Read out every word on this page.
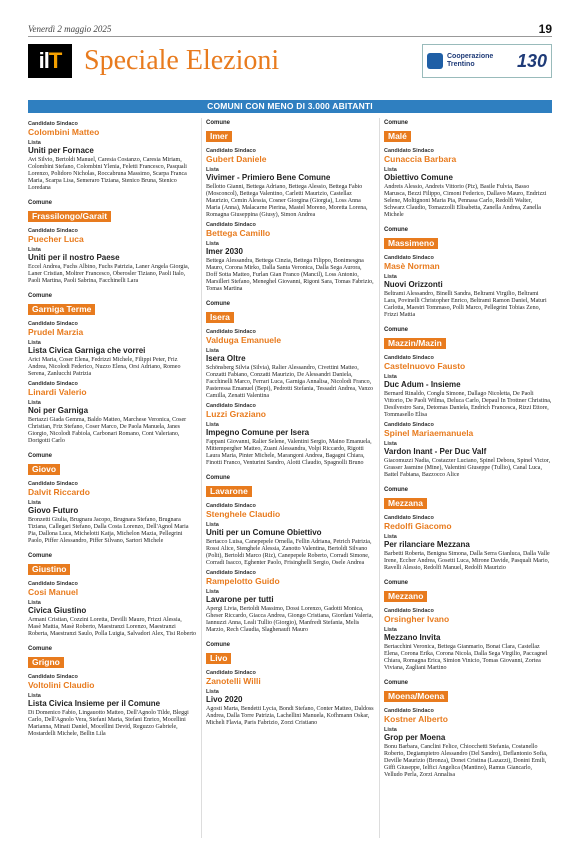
Venerdì 2 maggio 2025	19
ilT Speciale Elezioni	Cooperazione
Trentino	130
COMUNI CON MENO DI 3.000 ABITANTI
Candidato Sindaco
Colombini Matteo
Lista
Uniti per Fornace
Avi Silvio, Bertoldi Manuel, Caresia Costanzo, Caresia Miriam, Colombini Stefano, Colombini Ylenia, Feletti Francesco, Pasquali Lorenzo, Polidoro Nicholas, Roccabruna Massimo, Scarpa Franca Maria, Scarpa Lisa, Semeraro Tiziana, Stenico Bruna, Stenico Loredana
Comune
Frassilongo/Garait
Candidato Sindaco
Puecher Luca
Lista
Uniti per il nostro Paese
Eccel Andrea, Fuchs Albino, Fuchs Patrizia, Laner Angela Giorgia, Laner Cristian, Moltrer Francesco, Oberosler Tiziano, Paoli Italo, Paoli Martina, Paoli Sabrina, Facchinelli Lara
Comune
Garniga Terme
Candidato Sindaco
Prudel Marzia
Lista
Lista Civica Garniga che vorrei
Arici Maria, Coser Elena, Fedrizzi Michele, Filippi Peter, Friz Andrea, Nicolodi Federico, Nuzzo Elena, Orsi Adriano, Romeo Serena, Zanlucchi Patrizia
Candidato Sindaco
Linardi Valerio
Lista
Noi per Garniga
Bertazzi Giada Gemma, Baldo Matteo, Marchese Veronica, Coser Christian, Friz Stefano, Coser Marco, De Paola Manuela, Janes Giorgio, Nicolodi Fabiola, Carbonari Romano, Cont Valeriano, Dorigotti Carlo
Comune
Giovo
Candidato Sindaco
Dalvit Riccardo
Lista
Giovo Futuro
Bronzetti Giulia, Brugnara Jacopo, Brugnara Stefano, Brugnara Tiziana, Callegari Stefano, Dalla Costa Lorenzo, Dell'Agnol Maria Pia, Dallona Luca, Michelotti Katja, Michelon Mazia, Pellegrini Paolo, Piffer Alessandro, Piffer Silvano, Sartori Michele
Comune
Giustino
Candidato Sindaco
Cosi Manuel
Lista
Civica Giustino
Armani Cristian, Cozzini Loretta, Devilli Mauro, Frizzi Alessia, Masè Mattia, Masè Roberto, Maestranzi Lorenzo, Maestranzi Roberta, Maestranzi Saulo, Polla Luigia, Salvadori Alex, Tisi Roberto
Comune
Grigno
Candidato Sindaco
Voltolini Claudio
Lista
Lista Civica Insieme per il Comune
Di Domenico Fabio, Lingauotto Matteo, Dell'Agnolo Tilde, Bleggi Carlo, Dell'Agnolo Vera, Stefani Maria, Stefani Enrico, Mocellini Marianna, Minati Daniel, Mocellini Devid, Reguzzo Gabriele, Mostardelli Michele, Bellin Lila
Comune
Imer
Candidato Sindaco
Gubert Daniele
Lista
Vivimer - Primiero Bene Comune
Bellotto Gianni, Bettega Adriano, Bettega Alessio, Bettega Fabio (Mosconcol), Bettega Valentino, Carletti Maurizio, Castellaz Maurizio, Cemin Alessia, Cosner Giorgina (Giorgia), Loss Anna Maria (Anna), Malacarne Pierina, Mastel Moreno, Moretta Lorena, Romagna Giuseppina (Giusy), Simon Andrea
Candidato Sindaco
Bettega Camillo
Lista
Imer 2030
Bettega Alessandra, Bettega Cinzia, Bettega Filippo, Bonimesgna Mauro, Corona Mirko, Dalla Santa Veronica, Dalla Sega Aurora, Doff Sotta Matteo, Furlan Gian Franco (Mancil), Loss Antonio, Marsilleri Stefano, Meneghel Giovanni, Rigoni Sara, Tomas Fabrizio, Tomas Martina
Comune
Isera
Candidato Sindaco
Valduga Emanuele
Lista
Isera Oltre
Schönsberg Silvia (Silvia), Ralier Alessandro, Civettini Matteo, Conzatti Fabiano, Conzatti Maurizio, De Alessandri Daniela, Facchinelli Marco, Ferrari Luca, Garniga Annalisa, Nicolodi Franco, Pasteressa Emanuel (Bepi), Pedrotti Stefania, Tessadri Andrea, Vanzo Camilla, Zenatti Valentina
Candidato Sindaco
Luzzi Graziano
Lista
Impegno Comune per Isera
Fappani Giovanni, Ralier Selene, Valentini Sergio, Maino Emanuela, Mittempergher Matteo, Zuani Alessandra, Volpi Riccardo, Rigotti Laura Maria, Pinter Michele, Marangoni Andrea, Bagagni Chiara, Finotti Franco, Venturini Sandro, Alotti Claudio, Spagnolli Bruno
Comune
Lavarone
Candidato Sindaco
Stenghele Claudio
Lista
Uniti per un Comune Obiettivo
Bertacco Luisa, Canepepele Ornella, Fellin Adriana, Petrich Patrizia, Rossi Alice, Stenghele Alessia, Zanotto Valentina, Bertoldi Silvano (Polit), Bertoldi Marco (Riz), Canepepele Roberto, Corradi Simone, Corradi Isacco, Eghenter Paolo, Frisinghelli Sergio, Osele Andrea
Candidato Sindaco
Rampelotto Guido
Lista
Lavarone per tutti
Apergi Livia, Bertoldi Massimo, Dossi Lorenzo, Gadotti Monica, Gheser Riccardo, Giacca Andrea, Giongo Cristiana, Giordani Valeria, Iannuzzi Anna, Leali Tullio (Giorgio), Manfredi Stefania, Melis Marzio, Rech Claudia, Slaghenaufi Mauro
Comune
Livo
Candidato Sindaco
Zanotelli Willi
Lista
Livo 2020
Agosti Marta, Bendetti Lycia, Bondi Stefano, Conter Matteo, Daldoss Andrea, Dalla Torre Patrizia, Lachellini Manuela, Kofhmann Oskar, Micheli Flavia, Paris Fabrizio, Zorzi Cristiano
Comune
Malé
Candidato Sindaco
Cunaccia Barbara
Lista
Obiettivo Comune
Andreis Alessio, Andreis Vittorio (Piz), Basile Fulvia, Basso Marusca, Bezzi Filippo, Cimoni Federico, Dallavo Mauro, Endrizzi Selene, Moltignoni Maria Pia, Pennasa Carlo, Redolfi Walter, Schwarz Claudio, Tomazzolli Elisabetta, Zanella Andrea, Zanella Michele
Comune
Massimeno
Candidato Sindaco
Masè Norman
Lista
Nuovi Orizzonti
Beltrami Alessandro, Binelli Sandra, Beltrami Virgilio, Beltrami Lara, Povinelli Christopher Enrico, Beltrami Ramon Daniel, Maturi Carlotta, Maestri Tommaso, Polli Marco, Pellegrini Tobias Zeno, Frizzi Mattia
Comune
Mazzin/Mazin
Candidato Sindaco
Castelnuovo Fausto
Lista
Duc Adum - Insieme
Bernard Rinaldo, Conglu Simone, Dallago Nicoletta, De Paoli Vittorio, De Paoli Wilma, Deluca Carlo, Depaul In Trottner Christina, Desilvestro Sara, Detomas Daniela, Endrich Francesca, Rizzi Ettore, Tommasello Elisa
Candidato Sindaco
Spinel Mariaemanuela
Lista
Vardon Inant - Per Duc Valf
Giacomuzzi Nadia, Costazzer Luciano, Spinel Debora, Spinel Victor, Grasser Jasmine (Mine), Valentini Giuseppe (Tullio), Canal Luca, Battel Fabiana, Bazzocco Alice
Comune
Mezzana
Candidato Sindaco
Redolfi Giacomo
Lista
Per rilanciare Mezzana
Barbetti Roberta, Benigna Simona, Dalla Serra Gianluca, Dalla Valle Irene, Eccher Andrea, Gosetti Luca, Mirone Davide, Pasquali Mario, Ravelli Alessio, Redolfi Manuel, Redolfi Maurizio
Comune
Mezzano
Candidato Sindaco
Orsingher Ivano
Lista
Mezzano Invita
Bertacchini Veronica, Bettega Gianmario, Bonat Clara, Castellaz Elena, Corona Erika, Corona Nicola, Dalla Sega Virgilio, Paccagnel Chiara, Romagna Erica, Simion Vinicio, Tomas Giovanni, Zortea Viviana, Zagliani Martino
Comune
Moena/Moena
Candidato Sindaco
Kostner Alberto
Lista
Grop per Moena
Bonu Barbara, Canclini Felice, Chiocchetti Stefania, Costanello Roberto, Degiampietro Alessandro (Del Sandro), Deflantonio Sofia, Deville Maurizio (Bronza), Donei Cristina (Lazazzi), Donini Emili, Giffi Giuseppe, Ielfici Angelica (Mantino), Ramus Giancarlo, Velludo Perla, Zorzi Annalisa
